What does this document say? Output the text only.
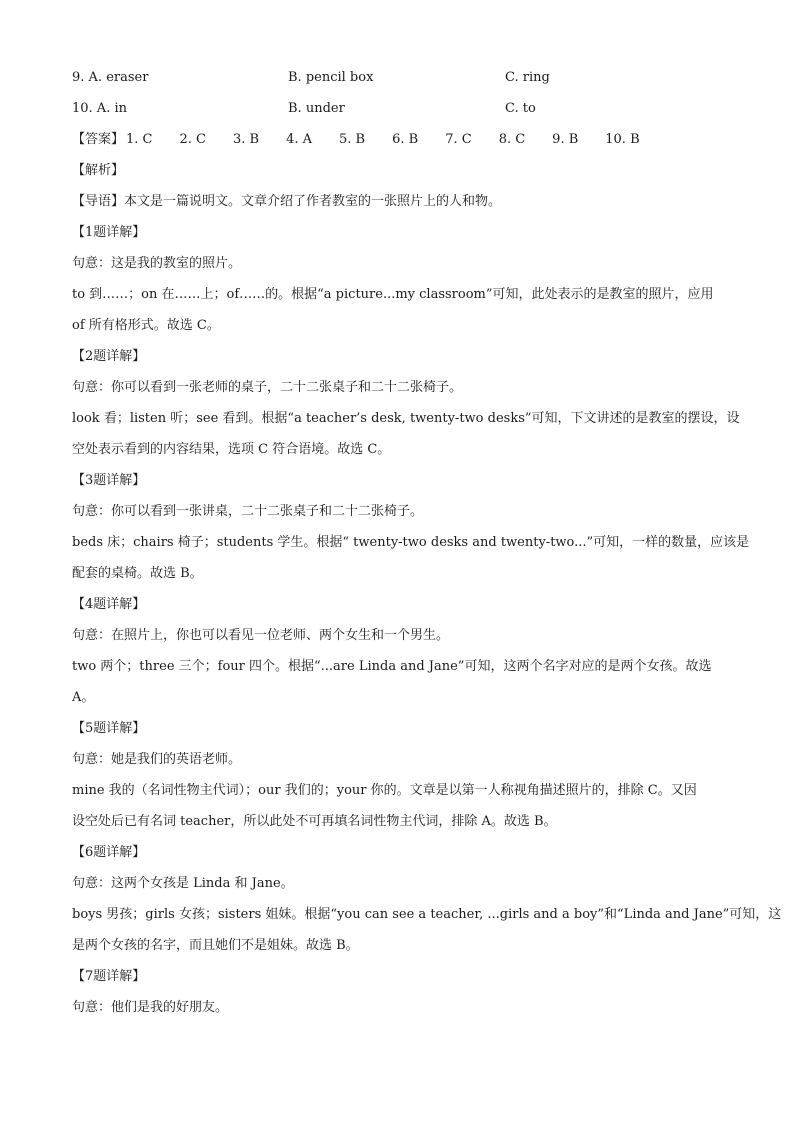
9. A. eraser	B. pencil box	C. ring
10. A. in	B. under	C. to
【答案】 1. C 2. C 3. B 4. A 5. B 6. B 7. C 8. C 9. B 10. B
【解析】
【导语】本文是一篇说明文。文章介绍了作者教室的一张照片上的人和物。
【1题详解】
句意：这是我的教室的照片。
to 到……；on 在……上；of……的。根据“a picture...my classroom”可知，此处表示的是教室的照片，应用
of 所有格形式。故选 C。
【2题详解】
句意：你可以看到一张老师的桌子，二十二张桌子和二十二张椅子。
look 看；listen 听；see 看到。根据“a teacher’s desk, twenty-two desks”可知，下文讲述的是教室的摆设，设
空处表示看到的内容结果，选项 C 符合语境。故选 C。
【3题详解】
句意：你可以看到一张讲桌，二十二张桌子和二十二张椅子。
beds 床；chairs 椅子；students 学生。根据“ twenty-two desks and twenty-two...”可知，一样的数量，应该是
配套的桌椅。故选 B。
【4题详解】
句意：在照片上，你也可以看见一位老师、两个女生和一个男生。
two 两个；three 三个；four 四个。根据“...are Linda and Jane”可知，这两个名字对应的是两个女孩。故选
A。
【5题详解】
句意：她是我们的英语老师。
mine 我的（名词性物主代词）；our 我们的；your 你的。文章是以第一人称视角描述照片的，排除 C。又因
设空处后已有名词 teacher，所以此处不可再填名词性物主代词，排除 A。故选 B。
【6题详解】
句意：这两个女孩是 Linda 和 Jane。
boys 男孩；girls 女孩；sisters 姐妹。根据“you can see a teacher, ...girls and a boy”和“Linda and Jane”可知，这
是两个女孩的名字，而且她们不是姐妹。故选 B。
【7题详解】
句意：他们是我的好朋友。
